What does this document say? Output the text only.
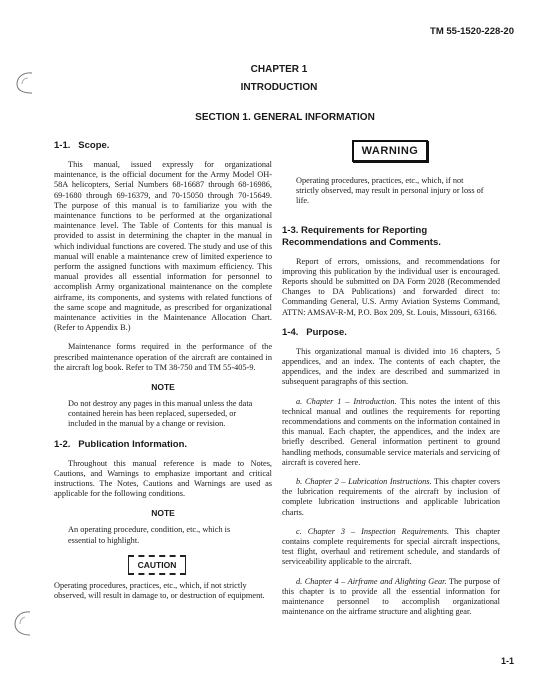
TM 55-1520-228-20
CHAPTER 1
INTRODUCTION
SECTION 1. GENERAL INFORMATION
1-1.   Scope.

This manual, issued expressly for organizational maintenance, is the official document for the Army Model OH-58A helicopters, Serial Numbers 68-16687 through 68-16986, 69-1680 through 69-16379, and 70-15050 through 70-15649. The purpose of this manual is to familiarize you with the maintenance functions to be performed at the organizational maintenance level. The Table of Contents for this manual is provided to assist in determining the chapter in the manual in which individual functions are covered. The study and use of this manual will enable a maintenance crew of limited experience to perform the assigned functions with maximum efficiency. This manual provides all essential information for personnel to accomplish Army organizational maintenance on the complete airframe, its components, and systems with related functions of the same scope and magnitude, as prescribed for organizational maintenance activities in the Maintenance Allocation Chart. (Refer to Appendix B.)

Maintenance forms required in the performance of the prescribed maintenance operation of the aircraft are contained in the aircraft log book. Refer to TM 38-750 and TM 55-405-9.

NOTE
Do not destroy any pages in this manual unless the data contained herein has been replaced, superseded, or included in the manual by a change or revision.
1-2.   Publication Information.

Throughout this manual reference is made to Notes, Cautions, and Warnings to emphasize important and critical instructions. The Notes, Cautions and Warnings are used as applicable for the following conditions.

NOTE
An operating procedure, condition, etc., which is essential to highlight.
CAUTION
Operating procedures, practices, etc., which, if not strictly observed, will result in damage to, or destruction of equipment.
WARNING
Operating procedures, practices, etc., which, if not strictly observed, may result in personal injury or loss of life.
1-3. Requirements for Reporting Recommendations and Comments.

Report of errors, omissions, and recommendations for improving this publication by the individual user is encouraged. Reports should be submitted on DA Form 2028 (Recommended Changes to DA Publications) and forwarded direct to: Commanding General, U.S. Army Aviation Systems Command, ATTN: AMSAV-R-M, P.O. Box 209, St. Louis, Missouri, 63166.

1-4.   Purpose.

This organizational manual is divided into 16 chapters, 5 appendices, and an index. The contents of each chapter, the appendices, and the index are described and summarized in subsequent paragraphs of this section.

a. Chapter 1 – Introduction. This notes the intent of this technical manual and outlines the requirements for reporting recommendations and comments on the information contained in this manual. Each chapter, the appendices, and the index are briefly described. General information pertinent to ground handling methods, consumable service materials and servicing of aircraft is covered here.

b. Chapter 2 – Lubrication Instructions. This chapter covers the lubrication requirements of the aircraft by inclusion of complete lubrication instructions and applicable lubrication charts.

c. Chapter 3 – Inspection Requirements. This chapter contains complete requirements for special aircraft inspections, test flight, overhaul and retirement schedule, and standards of serviceability applicable to the aircraft.

d. Chapter 4 – Airframe and Alighting Gear. The purpose of this chapter is to provide all the essential information for maintenance personnel to accomplish organizational maintenance on the airframe structure and alighting gear.

1-1
